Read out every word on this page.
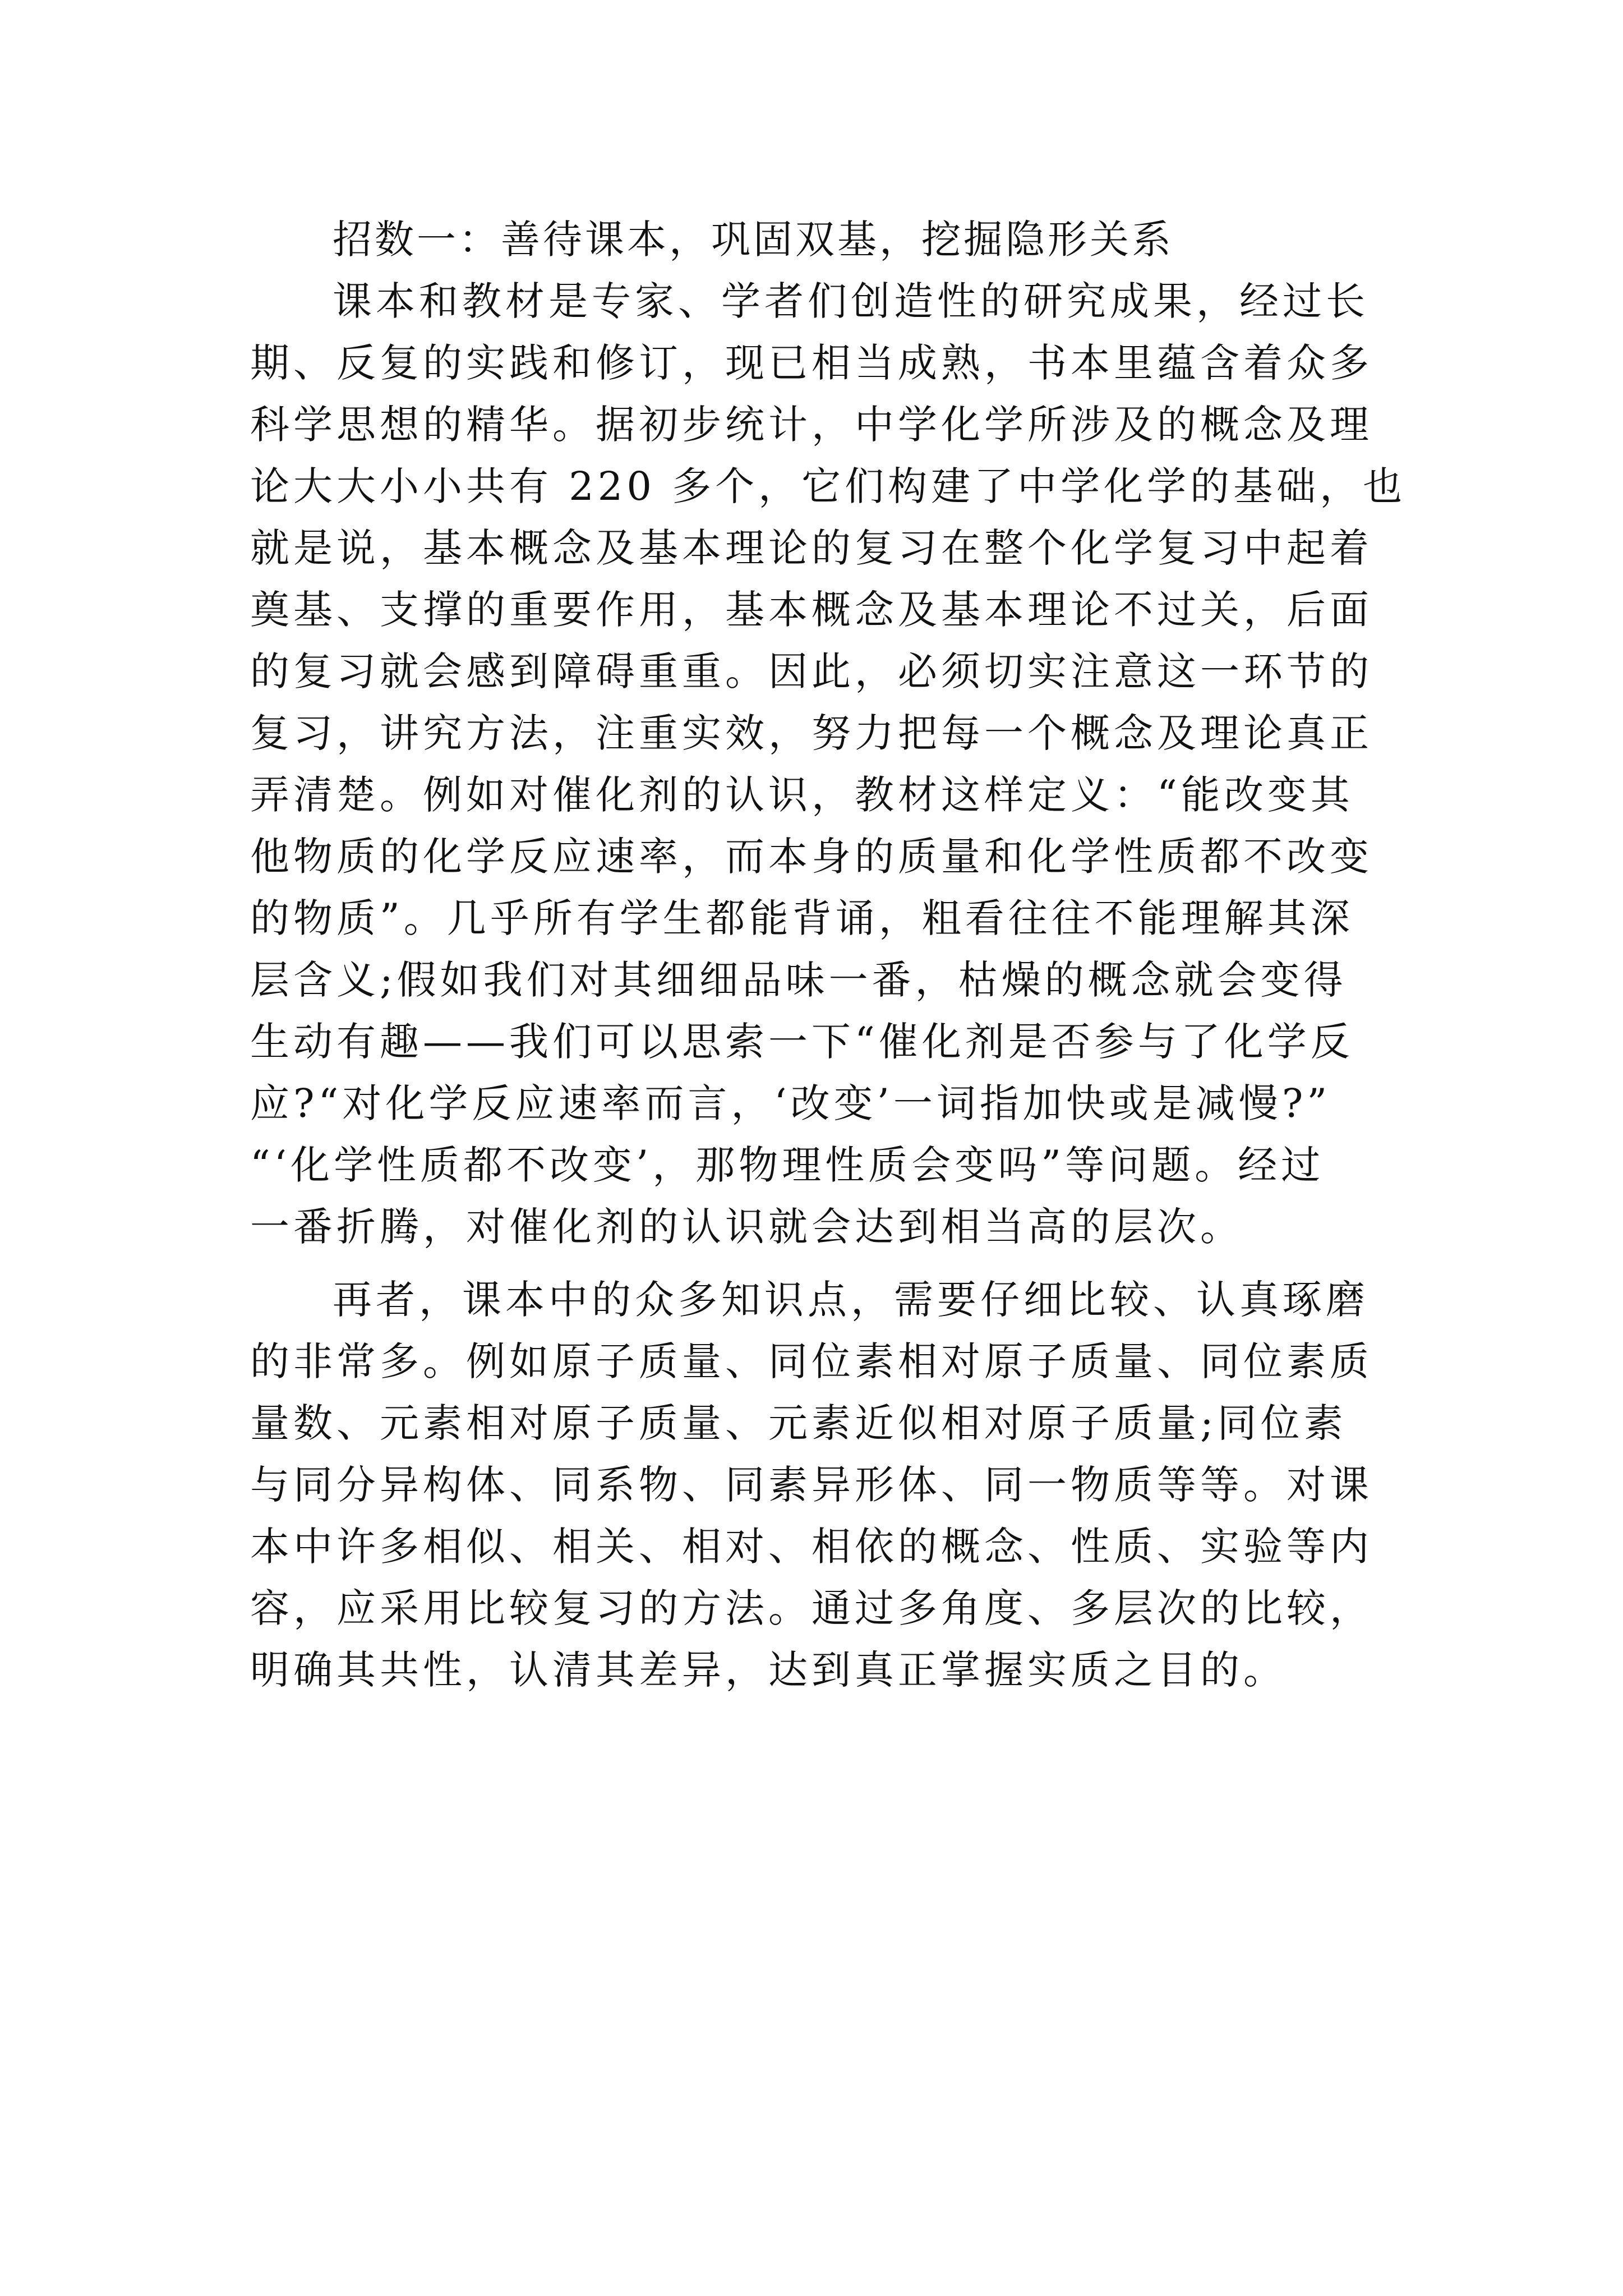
招数一：善待课本，巩固双基，挖掘隐形关系
课本和教材是专家、学者们创造性的研究成果，经过长
期、反复的实践和修订，现已相当成熟，书本里蕴含着众多
科学思想的精华。据初步统计，中学化学所涉及的概念及理
论大大小小共有 220 多个，它们构建了中学化学的基础，也
就是说，基本概念及基本理论的复习在整个化学复习中起着
奠基、支撑的重要作用，基本概念及基本理论不过关，后面
的复习就会感到障碍重重。因此，必须切实注意这一环节的
复习，讲究方法，注重实效，努力把每一个概念及理论真正
弄清楚。例如对催化剂的认识，教材这样定义：“能改变其
他物质的化学反应速率，而本身的质量和化学性质都不改变
的物质”。几乎所有学生都能背诵，粗看往往不能理解其深
层含义;假如我们对其细细品味一番，枯燥的概念就会变得
生动有趣——我们可以思索一下“催化剂是否参与了化学反
应?“对化学反应速率而言，‘改变’一词指加快或是减慢?”
“‘化学性质都不改变’，那物理性质会变吗”等问题。经过
一番折腾，对催化剂的认识就会达到相当高的层次。
再者，课本中的众多知识点，需要仔细比较、认真琢磨
的非常多。例如原子质量、同位素相对原子质量、同位素质
量数、元素相对原子质量、元素近似相对原子质量;同位素
与同分异构体、同系物、同素异形体、同一物质等等。对课
本中许多相似、相关、相对、相依的概念、性质、实验等内
容，应采用比较复习的方法。通过多角度、多层次的比较，
明确其共性，认清其差异，达到真正掌握实质之目的。
